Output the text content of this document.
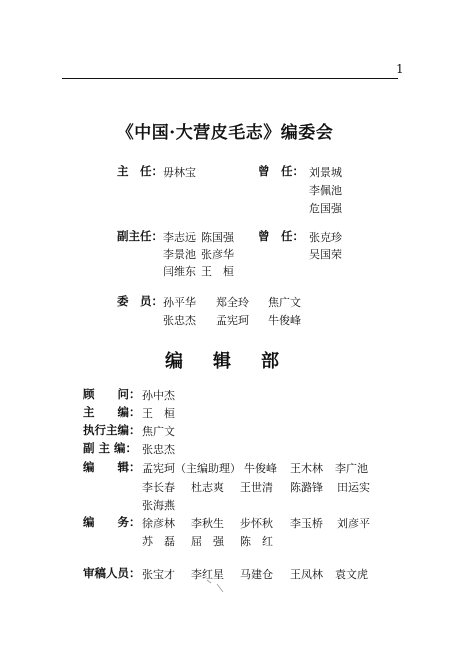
1
《中国·大营皮毛志》编委会
主　任： 毋林宝	曾　任： 刘景城
李佩池
危国强
副主任： 李志远 陈国强
李景池 张彦华
闫维东 王　桓
曾　任： 张克珍
吴国荣
委　员： 孙平华 郑全玲 焦广文
张忠杰 孟宪珂 牛俊峰
编　辑　部
顾　　问： 孙中杰
主　　编： 王　桓
执行主编： 焦广文
副 主 编： 张忠杰
编　　辑： 孟宪珂（主编助理） 牛俊峰 王木林 李广池
李长春 杜志爽 王世清 陈潞锋 田运实
张海燕
编　　务： 徐彦林 李秋生 步怀秋 李玉桥 刘彦平
苏　磊 屈　强 陈　红
审稿人员： 张宝才 李红星 马建仓 王凤林 袁文虎
